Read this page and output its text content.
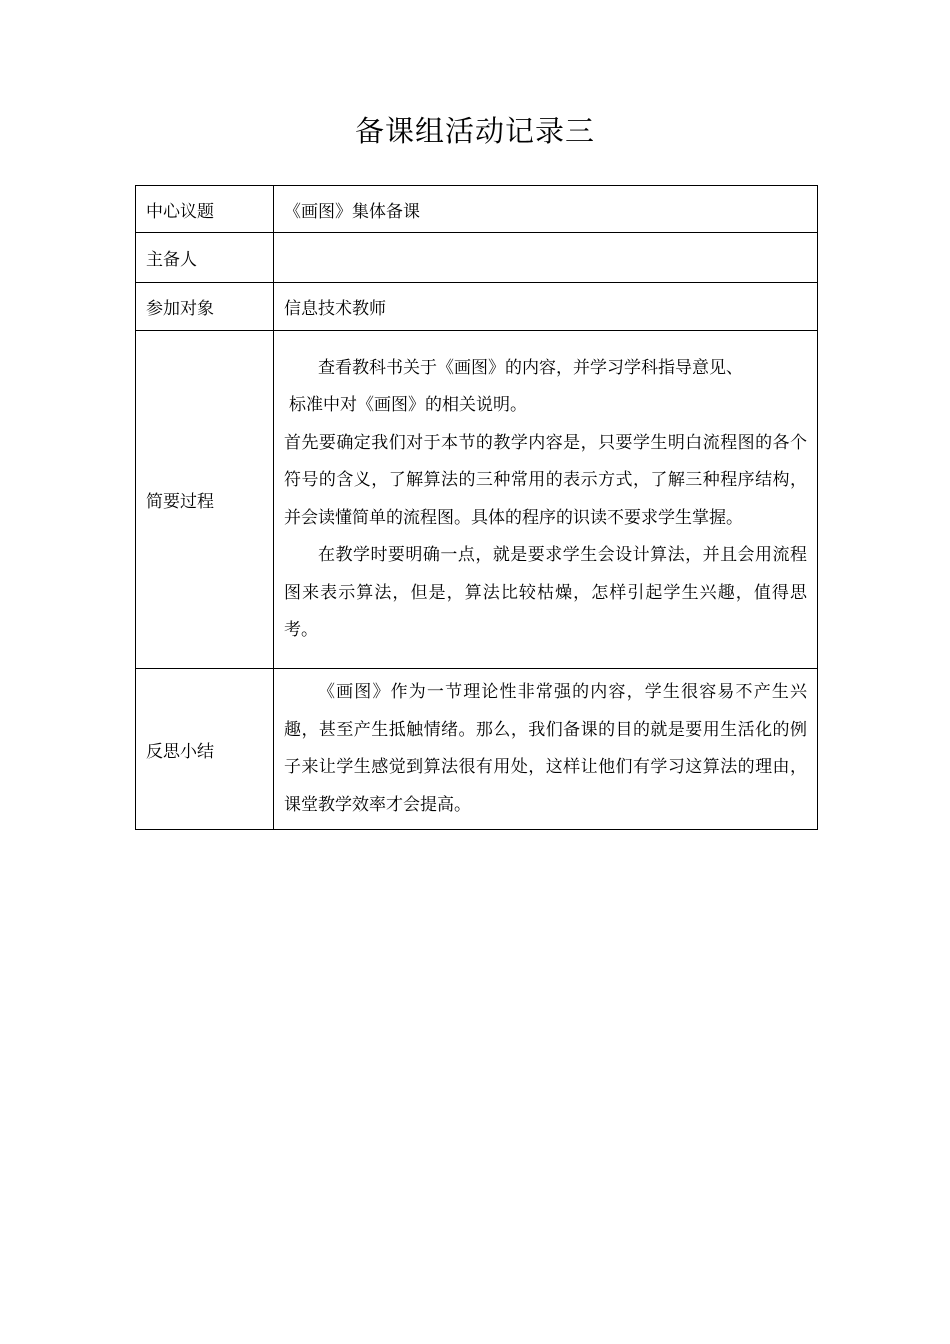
备课组活动记录三
中心议题	《画图》集体备课
主备人	
参加对象	信息技术教师
简要过程	查看教科书关于《画图》的内容，并学习学科指导意见、

标准中对《画图》的相关说明。

首先要确定我们对于本节的教学内容是，只要学生明白流程图的各个符号的含义，了解算法的三种常用的表示方式，了解三种程序结构，并会读懂简单的流程图。具体的程序的识读不要求学生掌握。

在教学时要明确一点，就是要求学生会设计算法，并且会用流程图来表示算法，但是，算法比较枯燥，怎样引起学生兴趣，值得思考。

反思小结	《画图》作为一节理论性非常强的内容，学生很容易不产生兴趣，甚至产生抵触情绪。那么，我们备课的目的就是要用生活化的例子来让学生感觉到算法很有用处，这样让他们有学习这算法的理由，课堂教学效率才会提高。
